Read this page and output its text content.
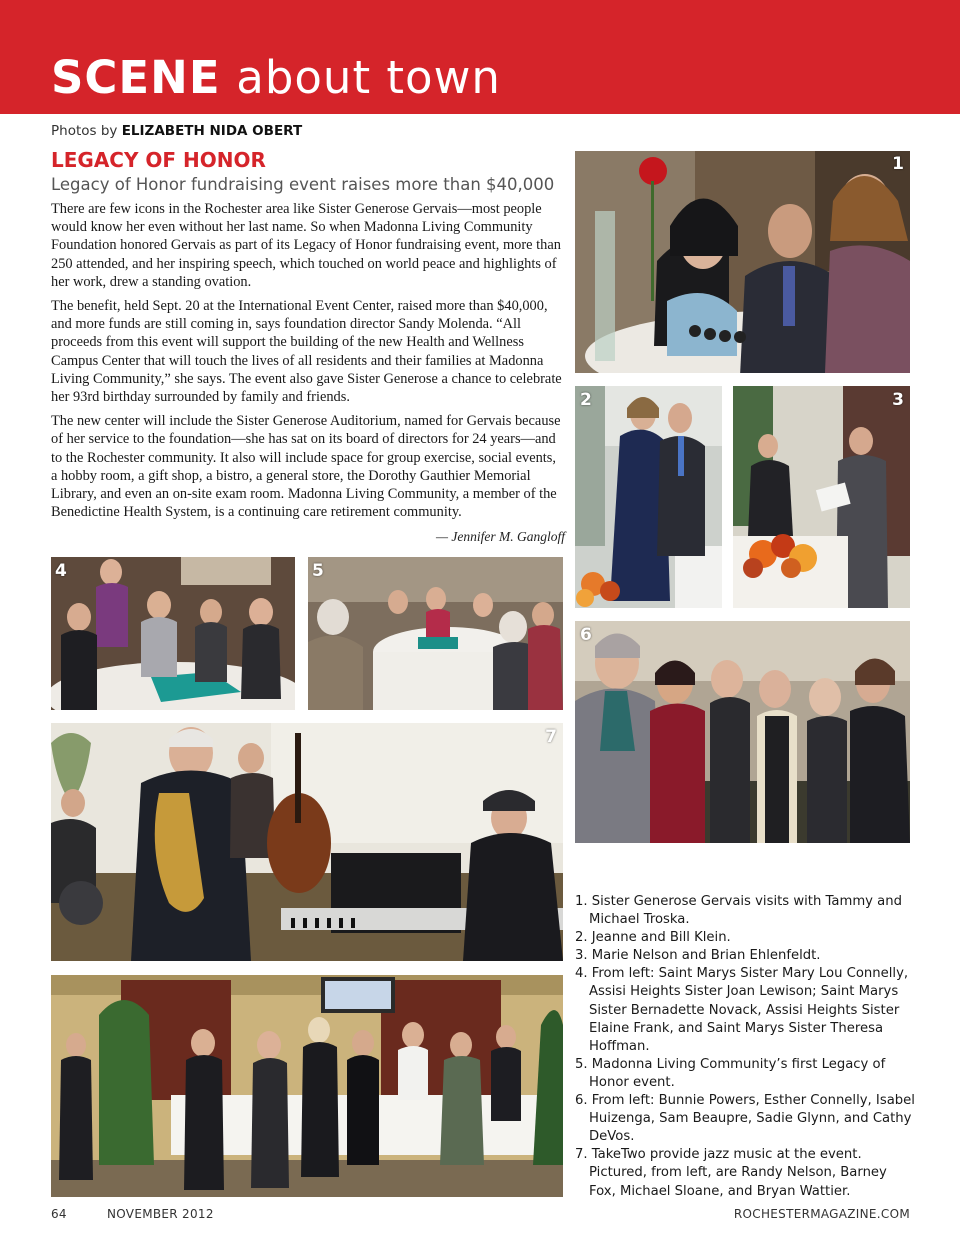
SCENE about town
Photos by ELIZABETH NIDA OBERT
LEGACY OF HONOR
Legacy of Honor fundraising event raises more than $40,000

There are few icons in the Rochester area like Sister Generose Gervais—most people would know her even without her last name. So when Madonna Living Community Foundation honored Gervais as part of its Legacy of Honor fundraising event, more than 250 attended, and her inspiring speech, which touched on world peace and highlights of her work, drew a standing ovation.

The benefit, held Sept. 20 at the International Event Center, raised more than $40,000, and more funds are still coming in, says foundation director Sandy Molenda. “All proceeds from this event will support the building of the new Health and Wellness Campus Center that will touch the lives of all residents and their families at Madonna Living Community,” she says. The event also gave Sister Generose a chance to celebrate her 93rd birthday surrounded by family and friends.

The new center will include the Sister Generose Auditorium, named for Gervais because of her service to the foundation—she has sat on its board of directors for 24 years—and to the Rochester community. It also will include space for group exercise, social events, a hobby room, a gift shop, a bistro, a general store, the Dorothy Gauthier Memorial Library, and even an on-site exam room. Madonna Living Community, a member of the Benedictine Health System, is a continuing care retirement community.

— Jennifer M. Gangloff
1
2	3
4	5
6
7
1. Sister Generose Gervais visits with Tammy and Michael Troska.
2. Jeanne and Bill Klein.
3. Marie Nelson and Brian Ehlenfeldt.
4. From left: Saint Marys Sister Mary Lou Connelly, Assisi Heights Sister Joan Lewison; Saint Marys Sister Bernadette Novack, Assisi Heights Sister Elaine Frank, and Saint Marys Sister Theresa Hoffman.
5. Madonna Living Community’s first Legacy of Honor event.
6. From left: Bunnie Powers, Esther Connelly, Isabel Huizenga, Sam Beaupre, Sadie Glynn, and Cathy DeVos.
7. TakeTwo provide jazz music at the event. Pictured, from left, are Randy Nelson, Barney Fox, Michael Sloane, and Bryan Wattier.
64	NOVEMBER 2012	ROCHESTERMAGAZINE.COM
